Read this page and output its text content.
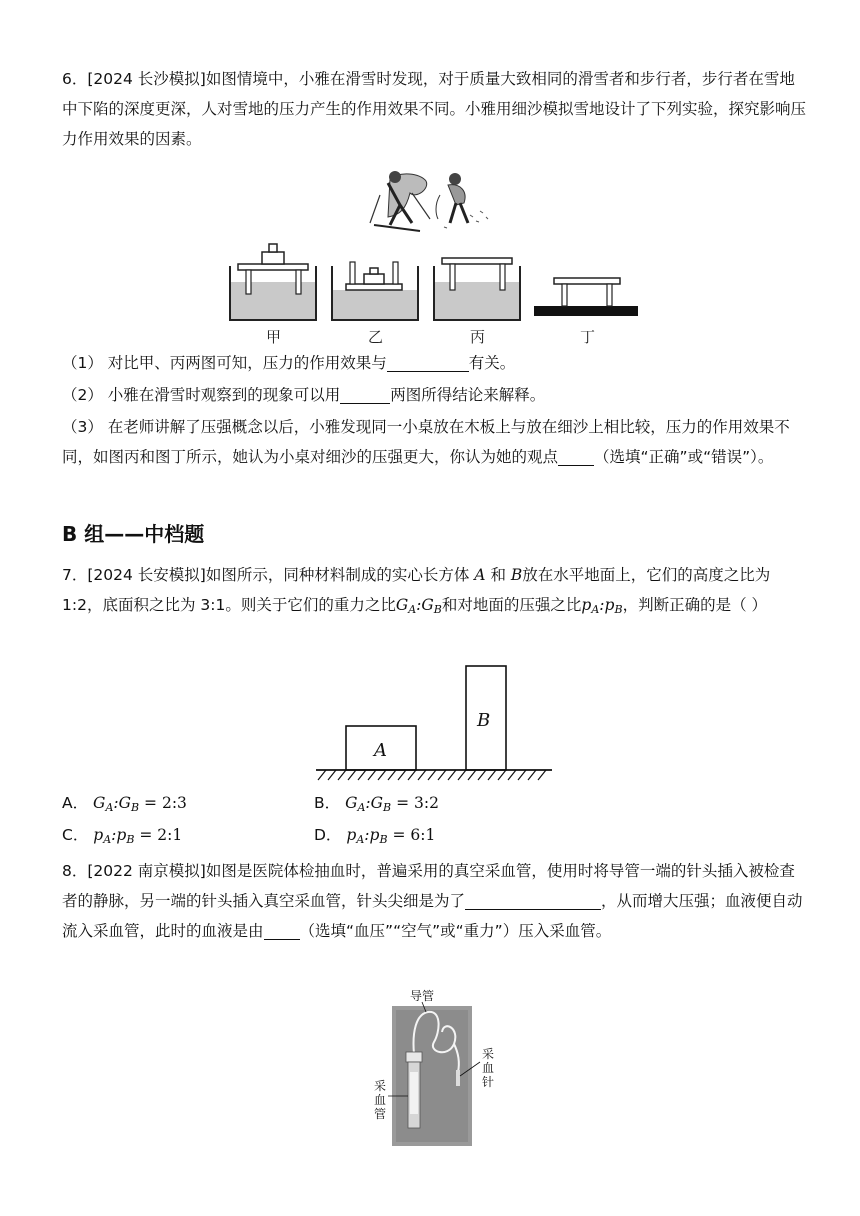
6．[2024 长沙模拟]如图情境中，小雅在滑雪时发现，对于质量大致相同的滑雪者和步行者，步行者在雪地中下陷的深度更深，人对雪地的压力产生的作用效果不同。小雅用细沙模拟雪地设计了下列实验，探究影响压力作用效果的因素。

甲	乙	丙	丁

（1） 对比甲、丙两图可知，压力的作用效果与	有关。

（2） 小雅在滑雪时观察到的现象可以用	两图所得结论来解释。

（3） 在老师讲解了压强概念以后，小雅发现同一小桌放在木板上与放在细沙上相比较，压力的作用效果不同，如图丙和图丁所示，她认为小桌对细沙的压强更大，你认为她的观点 （选填“正确”或“错误”）。

B 组——中档题

7．[2024 长安模拟]如图所示，同种材料制成的实心长方体 A 和 B放在水平地面上，它们的高度之比为 1:2，底面积之比为 3:1。则关于它们的重力之比$G_A:G_B$和对地面的压强之比$p_A:p_B$，判断正确的是（ ）

A
B
A． $G_A:G_B$ = 2:3	B． $G_A:G_B$ = 3:2
C． $p_A:p_B$ = 2:1	D． $p_A:p_B$ = 6:1

8．[2022 南京模拟]如图是医院体检抽血时，普遍采用的真空采血管，使用时将导管一端的针头插入被检查者的静脉，另一端的针头插入真空采血管，针头尖细是为了	，从而增大压强；血液便自动流入采血管，此时的血液是由 （选填“血压”“空气”或“重力”）压入采血管。

导管
采
血
针
采
血
管
